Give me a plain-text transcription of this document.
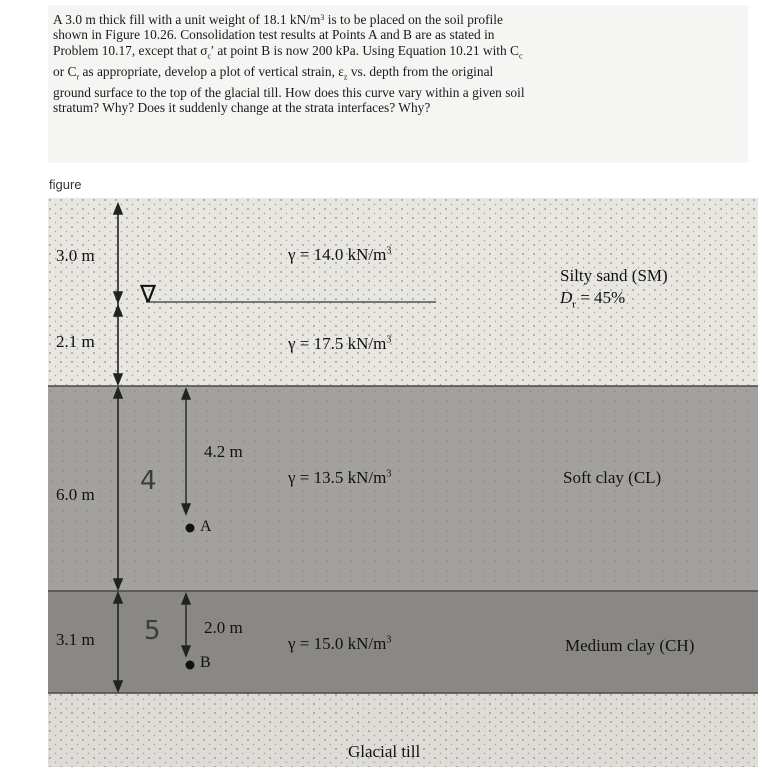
A 3.0 m thick fill with a unit weight of 18.1 $kN/m^3$ is to be placed on the soil profile
shown in Figure 10.26. Consolidation test results at Points A and B are as stated in
Problem 10.17, except that $\sigma_c'$ at point B is now 200 kPa. Using Equation 10.21 with $C_c$
or $C_r$ as appropriate, develop a plot of vertical strain, $\varepsilon_z$ vs. depth from the original
ground surface to the top of the glacial till. How does this curve vary within a given soil
stratum? Why? Does it suddenly change at the strata interfaces? Why?

figure
∇
3.0 m
2.1 m
6.0 m
3.1 m
γ = 14.0 $kN/m^3$
γ = 17.5 $kN/m^3$
γ = 13.5 $kN/m^3$
γ = 15.0 $kN/m^3$
Silty sand (SM)
$D_r = 45\%$
Soft clay (CL)
Medium clay (CH)
Glacial till
4.2 m
A
2.0 m
B
4
5
